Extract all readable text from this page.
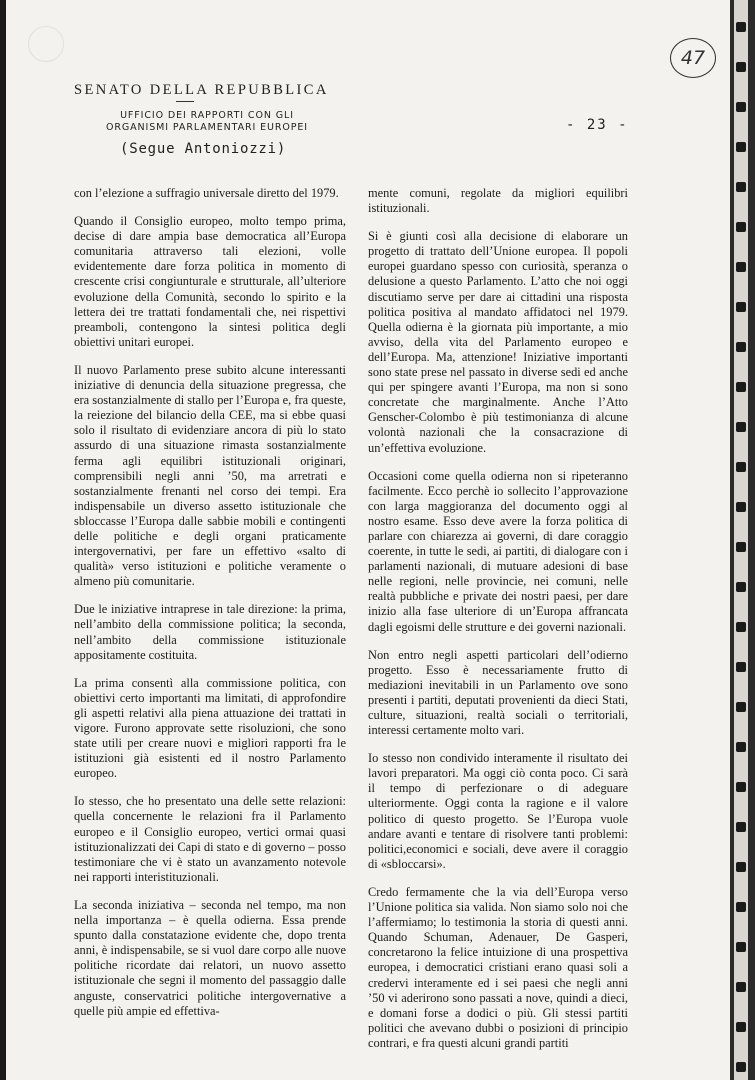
47
SENATO DELLA REPUBBLICA
UFFICIO DEI RAPPORTI CON GLI
ORGANISMI PARLAMENTARI EUROPEI	- 23 -
(Segue Antoniozzi)

con l’elezione a suffragio universale diretto del 1979.

Quando il Consiglio europeo, molto tempo prima, decise di dare ampia base democratica all’Europa comunitaria attraverso tali elezioni, volle evidentemente dare forza politica in momento di crescente crisi congiunturale e strutturale, all’ulteriore evoluzione della Comunità, secondo lo spirito e la lettera dei tre trattati fondamentali che, nei rispettivi preamboli, contengono la sintesi politica degli obiettivi unitari europei.

Il nuovo Parlamento prese subito alcune interessanti iniziative di denuncia della situazione pregressa, che era sostanzialmente di stallo per l’Europa e, fra queste, la reiezione del bilancio della CEE, ma si ebbe quasi solo il risultato di evidenziare ancora di più lo stato assurdo di una situazione rimasta sostanzialmente ferma agli equilibri istituzionali originari, comprensibili negli anni ’50, ma arretrati e sostanzialmente frenanti nel corso dei tempi. Era indispensabile un diverso assetto istituzionale che sbloccasse l’Europa dalle sabbie mobili e contingenti delle politiche e degli organi praticamente intergovernativi, per fare un effettivo «salto di qualità» verso istituzioni e politiche veramente o almeno più comunitarie.

Due le iniziative intraprese in tale direzione: la prima, nell’ambito della commissione politica; la seconda, nell’ambito della commissione istituzionale appositamente costituita.

La prima consentì alla commissione politica, con obiettivi certo importanti ma limitati, di approfondire gli aspetti relativi alla piena attuazione dei trattati in vigore. Furono approvate sette risoluzioni, che sono state utili per creare nuovi e migliori rapporti fra le istituzioni già esistenti ed il nostro Parlamento europeo.

Io stesso, che ho presentato una delle sette relazioni: quella concernente le relazioni fra il Parlamento europeo e il Consiglio europeo, vertici ormai quasi istituzionalizzati dei Capi di stato e di governo – posso testimoniare che vi è stato un avanzamento notevole nei rapporti interistituzionali.

La seconda iniziativa – seconda nel tempo, ma non nella importanza – è quella odierna. Essa prende spunto dalla constatazione evidente che, dopo trenta anni, è indispensabile, se si vuol dare corpo alle nuove politiche ricordate dai relatori, un nuovo assetto istituzionale che segni il momento del passaggio dalle anguste, conservatrici politiche intergovernative a quelle più ampie ed effettiva-

mente comuni, regolate da migliori equilibri istituzionali.

Si è giunti così alla decisione di elaborare un progetto di trattato dell’Unione europea. Il popoli europei guardano spesso con curiosità, speranza o delusione a questo Parlamento. L’atto che noi oggi discutiamo serve per dare ai cittadini una risposta politica positiva al mandato affidatoci nel 1979. Quella odierna è la giornata più importante, a mio avviso, della vita del Parlamento europeo e dell’Europa. Ma, attenzione! Iniziative importanti sono state prese nel passato in diverse sedi ed anche qui per spingere avanti l’Europa, ma non si sono concretate che marginalmente. Anche l’Atto Genscher-Colombo è più testimonianza di alcune volontà nazionali che la consacrazione di un’effettiva evoluzione.

Occasioni come quella odierna non si ripeteranno facilmente. Ecco perchè io sollecito l’approvazione con larga maggioranza del documento oggi al nostro esame. Esso deve avere la forza politica di parlare con chiarezza ai governi, di dare coraggio coerente, in tutte le sedi, ai partiti, di dialogare con i parlamenti nazionali, di mutuare adesioni di base nelle regioni, nelle provincie, nei comuni, nelle realtà pubbliche e private dei nostri paesi, per dare inizio alla fase ulteriore di un’Europa affrancata dagli egoismi delle strutture e dei governi nazionali.

Non entro negli aspetti particolari dell’odierno progetto. Esso è necessariamente frutto di mediazioni inevitabili in un Parlamento ove sono presenti i partiti, deputati provenienti da dieci Stati, culture, situazioni, realtà sociali o territoriali, interessi certamente molto vari.

Io stesso non condivido interamente il risultato dei lavori preparatori. Ma oggi ciò conta poco. Ci sarà il tempo di perfezionare o di adeguare ulteriormente. Oggi conta la ragione e il valore politico di questo progetto. Se l’Europa vuole andare avanti e tentare di risolvere tanti problemi: politici,economici e sociali, deve avere il coraggio di «sbloccarsi».

Credo fermamente che la via dell’Europa verso l’Unione politica sia valida. Non siamo solo noi che l’affermiamo; lo testimonia la storia di questi anni. Quando Schuman, Adenauer, De Gasperi, concretarono la felice intuizione di una prospettiva europea, i democratici cristiani erano quasi soli a credervi interamente ed i sei paesi che negli anni ’50 vi aderirono sono passati a nove, quindi a dieci, e domani forse a dodici o più. Gli stessi partiti politici che avevano dubbi o posizioni di principio contrari, e fra questi alcuni grandi partiti
